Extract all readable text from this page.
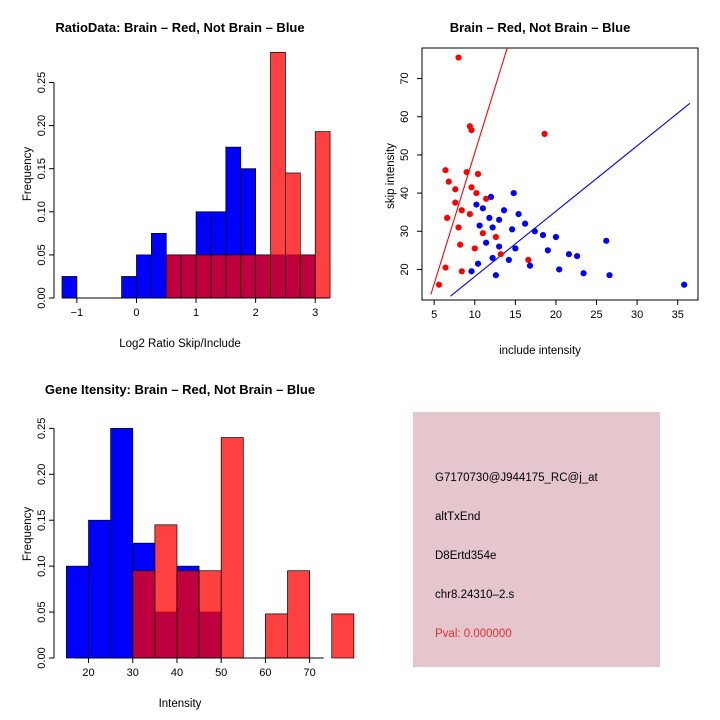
RatioData: Brain – Red, Not Brain – Blue
−1	0	1	2	3
0.00
0.05
0.10
0.15
0.20
0.25
Log2 Ratio Skip/Include
Frequency
Brain – Red, Not Brain – Blue
5	10	15	20	25	30	35
20
30
40
50
60
70
include intensity
skip intensity
Gene Itensity: Brain – Red, Not Brain – Blue
20	30	40	50	60	70
0.00
0.05
0.10
0.15
0.20
0.25
Intensity
Frequency
G7170730@J944175_RC@j_at
altTxEnd
D8Ertd354e
chr8.24310–2.s
Pval: 0.000000
